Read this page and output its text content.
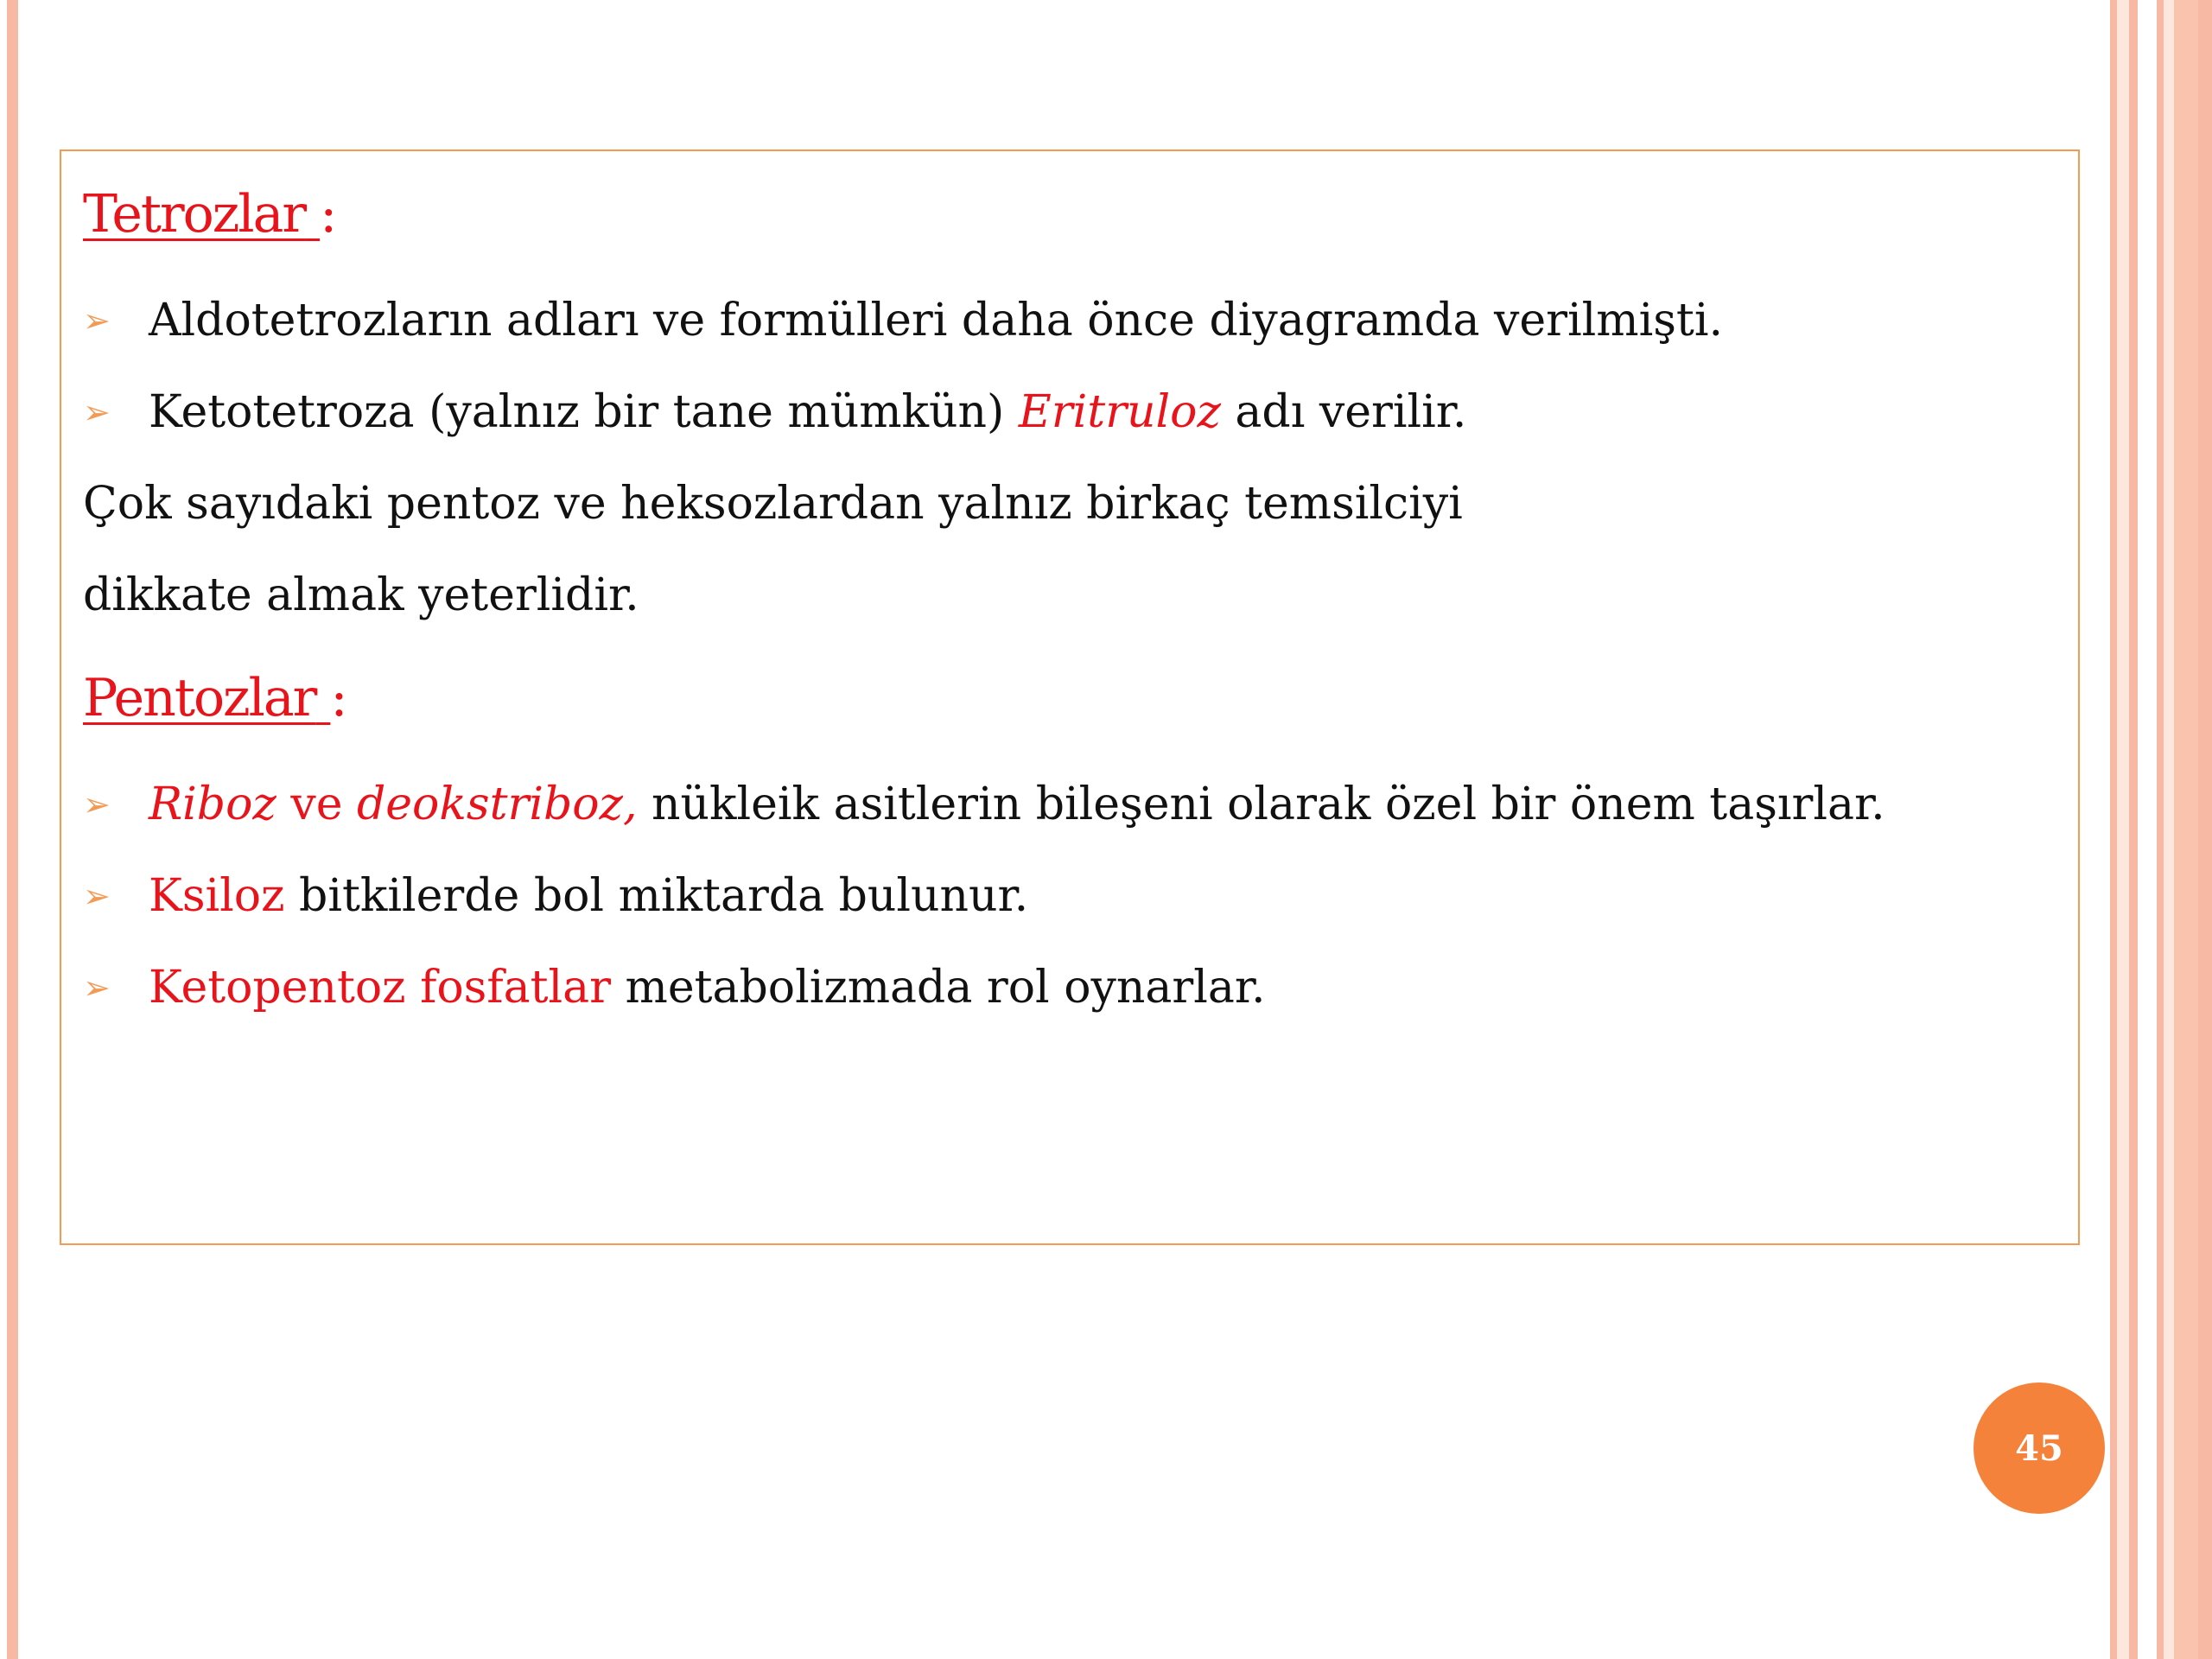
Tetrozlar :
➢ Aldotetrozların adları ve formülleri daha önce diyagramda verilmişti.
➢ Ketotetroza (yalnız bir tane mümkün) Eritruloz adı verilir.
Çok sayıdaki pentoz ve heksozlardan yalnız birkaç temsilciyi
dikkate almak yeterlidir.
Pentozlar :
➢ Riboz ve deokstriboz, nükleik asitlerin bileşeni olarak özel bir önem taşırlar.
➢ Ksiloz bitkilerde bol miktarda bulunur.
➢ Ketopentoz fosfatlar metabolizmada rol oynarlar.
45
